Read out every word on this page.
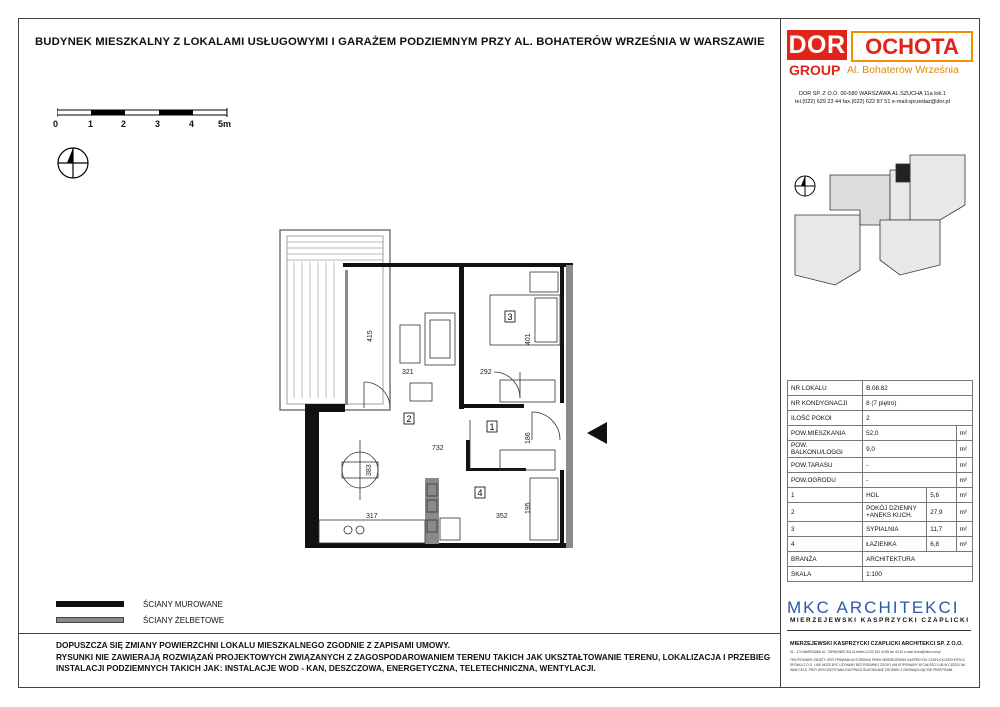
BUDYNEK MIESZKALNY Z LOKALAMI USŁUGOWYMI I GARAŻEM PODZIEMNYM PRZY AL. BOHATERÓW WRZEŚNIA W WARSZAWIE
0	1	2	3	4	5m
2
3
1
4
415
321	292
401
732
186
383
317	352
195
DOR OCHOTA
GROUP Al. Bohaterów Września
DOR SP. Z O.O. 00-580 WARSZAWA AL.SZUCHA 11a lok.1
tel.(022) 629 23 44 fax.(022) 622 87 51 e-mail:sprzedaz@dor.pl
NR LOKALU	B.08.82		
NR KONDYGNACJI	8 (7 piętro)		
ILOŚĆ POKOI	2		
POW.MIESZKANIA	52,0		m²
POW. BALKONU/LOGGI	9,0		m²
POW.TARASU	-		m²
POW.OGRODU	-		m²
1	HOL	5,6	m²
2	POKÓJ DZIENNY +ANEKS KUCH.	27,9	m²
3	SYPIALNIA	11,7	m²
4	ŁAZIENKA	6,8	m²
BRANŻA	ARCHITEKTURA		
SKALA	1:100		
ŚCIANY MUROWANE
ŚCIANY ŻELBETOWE
DOPUSZCZA SIĘ ZMIANY POWIERZCHNI LOKALU MIESZKALNEGO ZGODNIE Z ZAPISAMI UMOWY.
RYSUNKI NIE ZAWIERAJĄ ROZWIĄZAŃ PROJEKTOWYCH ZWIĄZANYCH Z ZAGOSPODAROWANIEM TERENU TAKICH JAK UKSZTAŁTOWANIE TERENU, LOKALIZACJA I PRZEBIEG
INSTALACJI PODZIEMNYCH TAKICH JAK: INSTALACJE WOD - KAN, DESZCZOWA, ENERGETYCZNA, TELETECHNICZNA, WENTYLACJI.
MKC ARCHITEKCI
MIERZEJEWSKI KASPRZYCKI CZAPLICKI
MIERZEJEWSKI KASPRZYCKI CZAPLICKI ARCHITEKCI SP. Z O.O.
01 - 174 WARSZAWA UL. TARNOWIECKA 15 tel/fax (0-22) 612 44 85 tel: 43 44 e-mail: biuro@mkc.com.pl
TEN RYSUNEK OBJĘTY JEST PRAWAMI AUTORSKIMI FIRMY MIERZEJEWSKI KASPRZYCKI CZAPLICKI ARCHITEKCI SPÓŁKA Z O.O. I NIE MOŻE BYĆ UŻYWANY BEZ PISEMNEJ ZGODY ANI KOPIOWANY W CAŁOŚCI LUB W CZĘŚCI NA INNE CELE. PRZY WYKORZYSTANIU NA PRACE BUDOWLANE ZGODNIE Z OBOWIĄZUJĄCYMI PRZEPISAMI.
